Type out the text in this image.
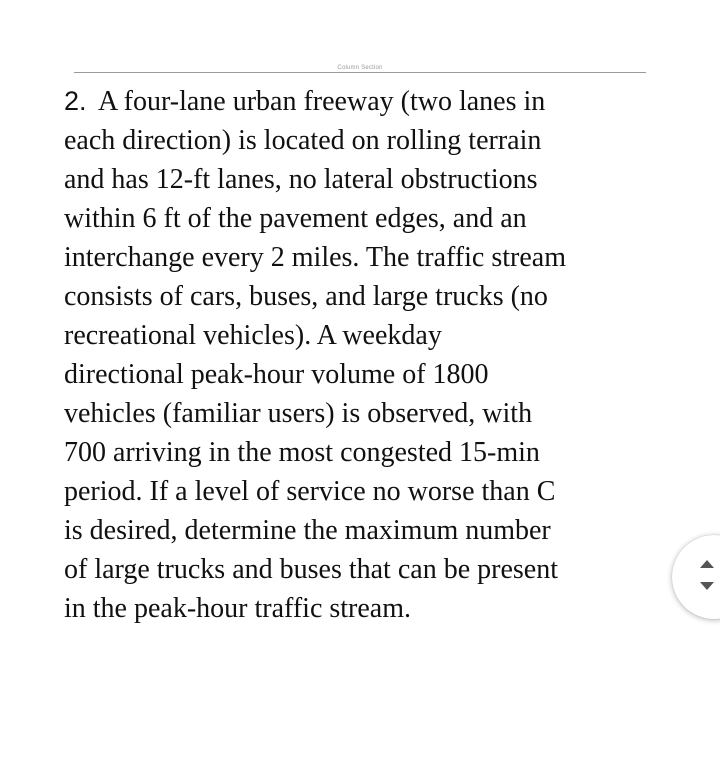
Column Section

2. A four-lane urban freeway (two lanes in
each direction) is located on rolling terrain
and has 12-ft lanes, no lateral obstructions
within 6 ft of the pavement edges, and an
interchange every 2 miles. The traffic stream
consists of cars, buses, and large trucks (no
recreational vehicles). A weekday
directional peak-hour volume of 1800
vehicles (familiar users) is observed, with
700 arriving in the most congested 15-min
period. If a level of service no worse than C
is desired, determine the maximum number
of large trucks and buses that can be present
in the peak-hour traffic stream.
